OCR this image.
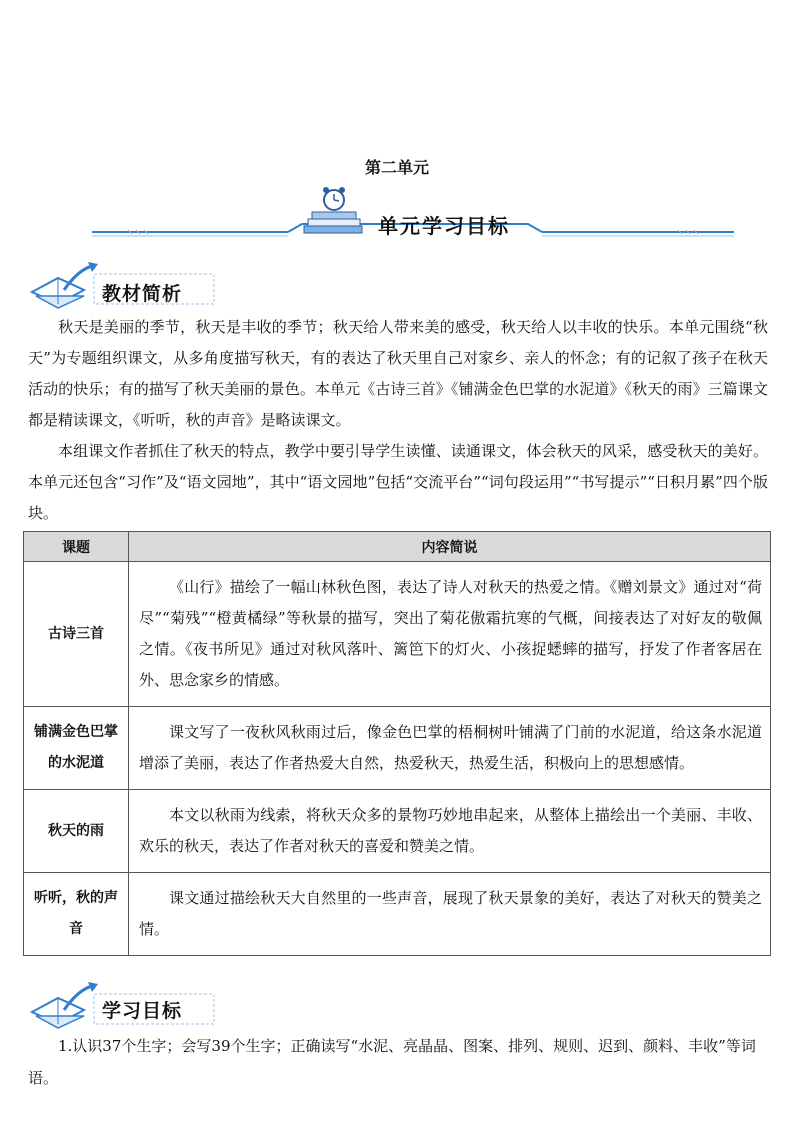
第二单元
单元学习目标
教材简析

秋天是美丽的季节，秋天是丰收的季节；秋天给人带来美的感受，秋天给人以丰收的快乐。本单元围绕“秋天”为专题组织课文，从多角度描写秋天，有的表达了秋天里自己对家乡、亲人的怀念；有的记叙了孩子在秋天活动的快乐；有的描写了秋天美丽的景色。本单元《古诗三首》《铺满金色巴掌的水泥道》《秋天的雨》三篇课文都是精读课文，《听听，秋的声音》是略读课文。

本组课文作者抓住了秋天的特点，教学中要引导学生读懂、读通课文，体会秋天的风采，感受秋天的美好。本单元还包含“习作”及“语文园地”，其中“语文园地”包括“交流平台”“词句段运用”“书写提示”“日积月累”四个版块。

课题	内容简说
古诗三首	《山行》描绘了一幅山林秋色图，表达了诗人对秋天的热爱之情。《赠刘景文》通过对“荷尽”“菊残”“橙黄橘绿”等秋景的描写，突出了菊花傲霜抗寒的气概，间接表达了对好友的敬佩之情。《夜书所见》通过对秋风落叶、篱笆下的灯火、小孩捉蟋蟀的描写，抒发了作者客居在外、思念家乡的情感。
铺满金色巴掌的水泥道	课文写了一夜秋风秋雨过后，像金色巴掌的梧桐树叶铺满了门前的水泥道，给这条水泥道增添了美丽，表达了作者热爱大自然，热爱秋天，热爱生活，积极向上的思想感情。
秋天的雨	本文以秋雨为线索，将秋天众多的景物巧妙地串起来，从整体上描绘出一个美丽、丰收、欢乐的秋天，表达了作者对秋天的喜爱和赞美之情。
听听，秋的声音	课文通过描绘秋天大自然里的一些声音，展现了秋天景象的美好，表达了对秋天的赞美之情。
学习目标

1.认识37个生字；会写39个生字；正确读写“水泥、亮晶晶、图案、排列、规则、迟到、颜料、丰收”等词语。
